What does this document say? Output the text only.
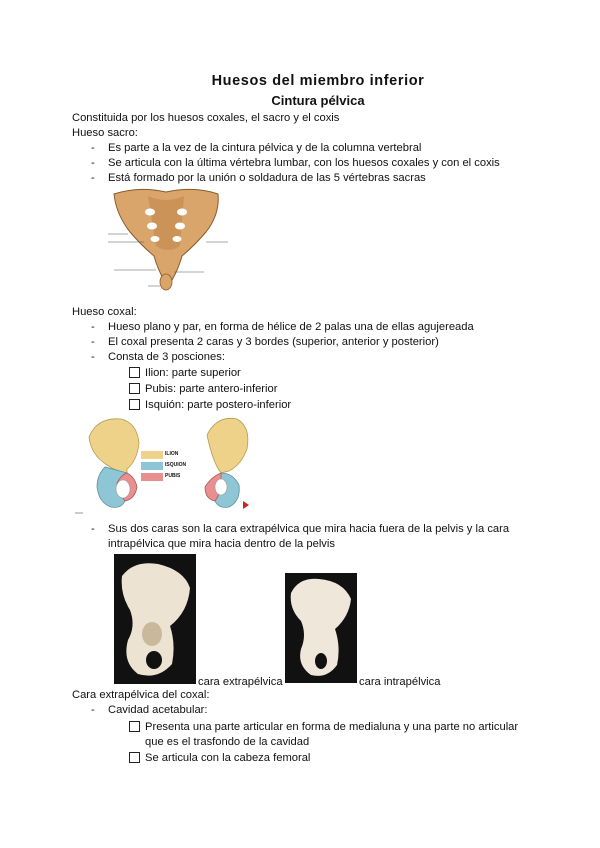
Huesos del miembro inferior
Cintura pélvica
Constituida por los huesos coxales, el sacro y el coxis
Hueso sacro:
- Es parte a la vez de la cintura pélvica y de la columna vertebral
- Se articula con la última vértebra lumbar, con los huesos coxales y con el coxis
- Está formado por la unión o soldadura de las 5 vértebras sacras
Hueso coxal:
- Hueso plano y par, en forma de hélice de 2 palas una de ellas agujereada
- El coxal presenta 2 caras y 3 bordes (superior, anterior y posterior)
- Consta de 3 posciones:
Ilion: parte superior
Pubis: parte antero-inferior
Isquión: parte postero-inferior
ILION
ISQUION
PUBIS
- Sus dos caras son la cara extrapélvica que mira hacia fuera de la pelvis y la cara
intrapélvica que mira hacia dentro de la pelvis
cara extrapélvica	cara intrapélvica
Cara extrapélvica del coxal:
- Cavidad acetabular:
Presenta una parte articular en forma de medialuna y una parte no articular
que es el trasfondo de la cavidad
Se articula con la cabeza femoral
